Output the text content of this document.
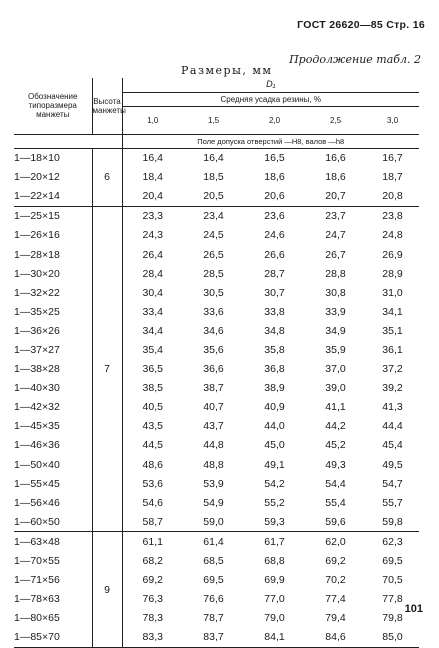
ГОСТ 26620—85 Стр. 16
Продолжение табл. 2
Размеры, мм
Обозначение типоразмера манжеты	Высота манжеты	D₁				
		Средняя усадка резины, %				
		1,0	1,5	2,0	2,5	3,0
		Поле допуска отверстий —Н8, валов —h8				
1—18×10	6	16,4	16,4	16,5	16,6	16,7
1—20×12		18,4	18,5	18,6	18,6	18,7
1—22×14		20,4	20,5	20,6	20,7	20,8
1—25×15	7	23,3	23,4	23,6	23,7	23,8
1—26×16		24,3	24,5	24,6	24,7	24,8
1—28×18		26,4	26,5	26,6	26,7	26,9
1—30×20		28,4	28,5	28,7	28,8	28,9
1—32×22		30,4	30,5	30,7	30,8	31,0
1—35×25		33,4	33,6	33,8	33,9	34,1
1—36×26		34,4	34,6	34,8	34,9	35,1
1—37×27		35,4	35,6	35,8	35,9	36,1
1—38×28		36,5	36,6	36,8	37,0	37,2
1—40×30		38,5	38,7	38,9	39,0	39,2
1—42×32		40,5	40,7	40,9	41,1	41,3
1—45×35		43,5	43,7	44,0	44,2	44,4
1—46×36		44,5	44,8	45,0	45,2	45,4
1—50×40		48,6	48,8	49,1	49,3	49,5
1—55×45		53,6	53,9	54,2	54,4	54,7
1—56×46		54,6	54,9	55,2	55,4	55,7
1—60×50		58,7	59,0	59,3	59,6	59,8
1—63×48	9	61,1	61,4	61,7	62,0	62,3
1—70×55		68,2	68,5	68,8	69,2	69,5
1—71×56		69,2	69,5	69,9	70,2	70,5
1—78×63		76,3	76,6	77,0	77,4	77,8
1—80×65		78,3	78,7	79,0	79,4	79,8
1—85×70		83,3	83,7	84,1	84,6	85,0
101
